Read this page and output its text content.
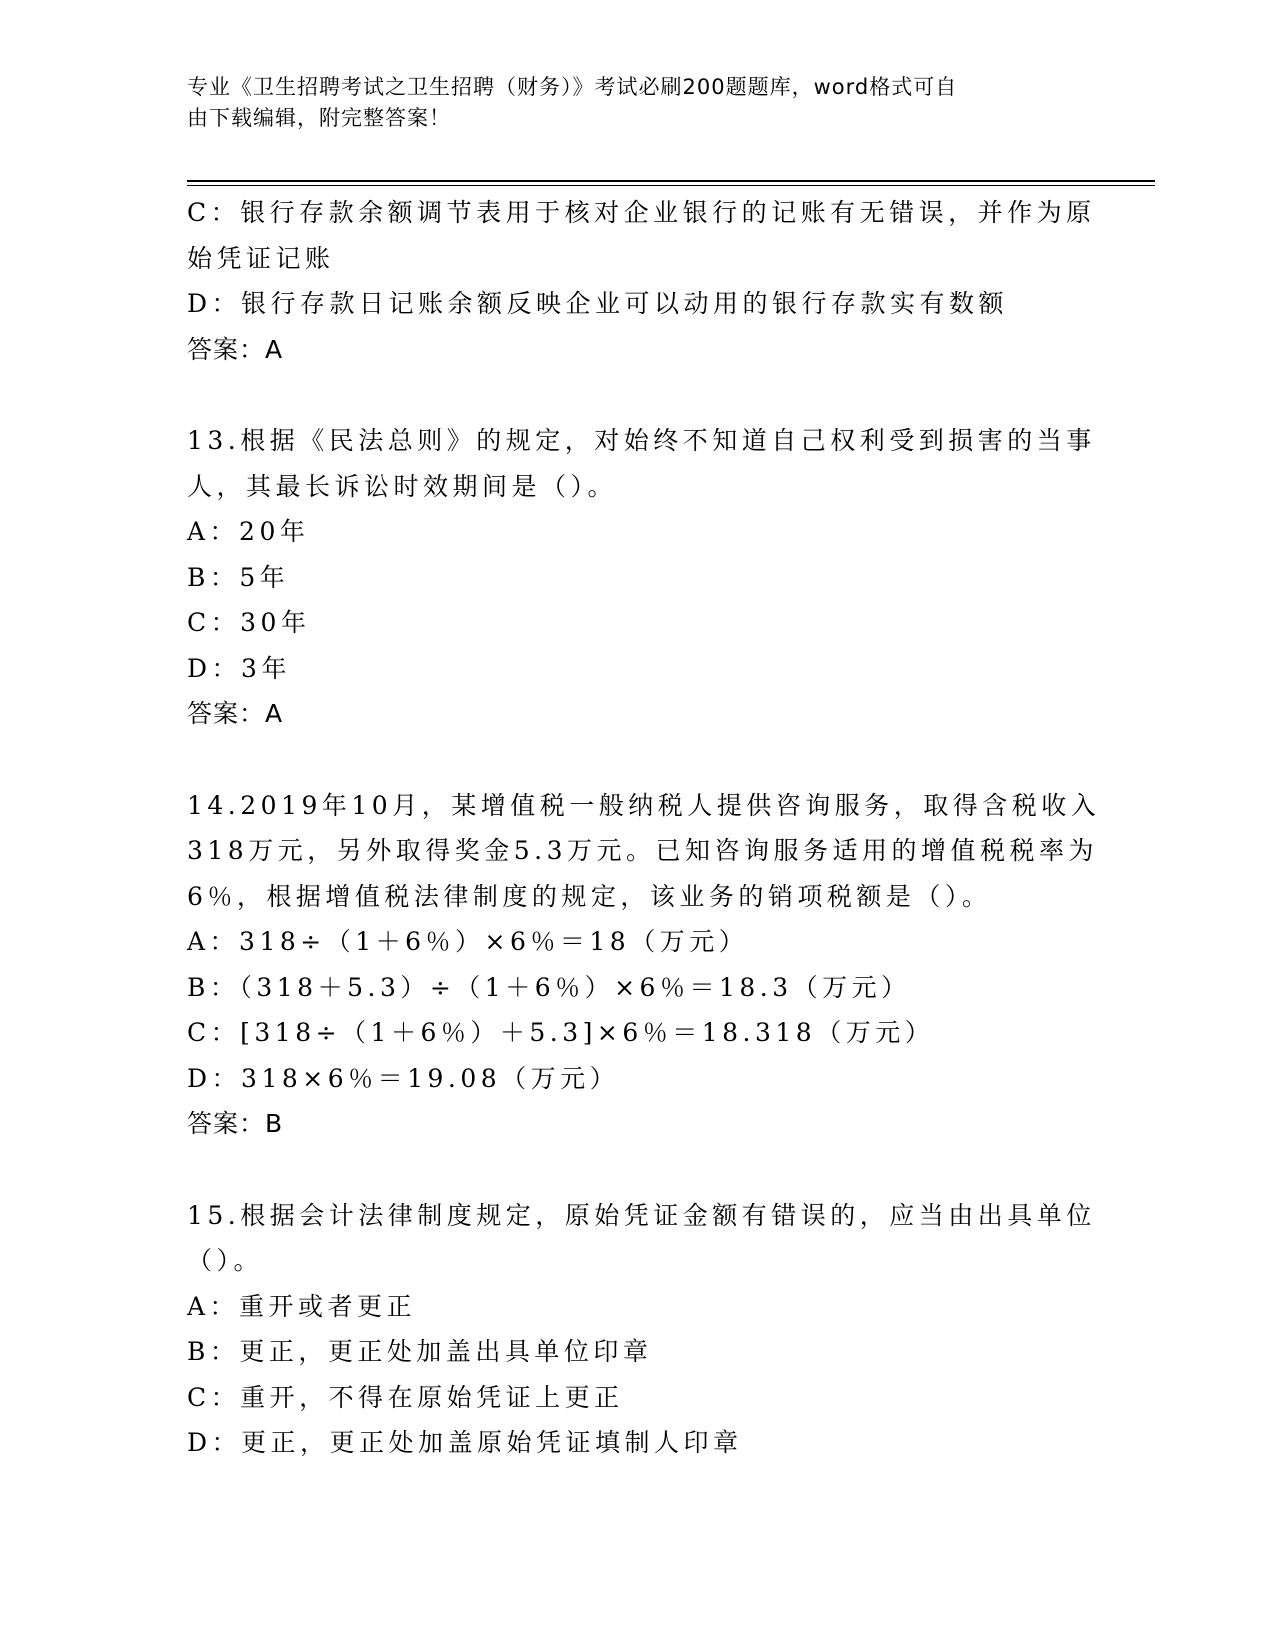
专业《卫生招聘考试之卫生招聘（财务）》考试必刷200题题库，word格式可自
由下载编辑，附完整答案！
C：银行存款余额调节表用于核对企业银行的记账有无错误，并作为原
始凭证记账
D：银行存款日记账余额反映企业可以动用的银行存款实有数额
答案：A
13.根据《民法总则》的规定，对始终不知道自己权利受到损害的当事
人，其最长诉讼时效期间是（）。
A：20年
B：5年
C：30年
D：3年
答案：A
14.2019年10月，某增值税一般纳税人提供咨询服务，取得含税收入
318万元，另外取得奖金5.3万元。已知咨询服务适用的增值税税率为
6％，根据增值税法律制度的规定，该业务的销项税额是（）。
A：318÷（1＋6％）×6％＝18（万元）
B：（318＋5.3）÷（1＋6％）×6％＝18.3（万元）
C：[318÷（1＋6％）＋5.3]×6％＝18.318（万元）
D：318×6％＝19.08（万元）
答案：B
15.根据会计法律制度规定，原始凭证金额有错误的，应当由出具单位
（）。
A：重开或者更正
B：更正，更正处加盖出具单位印章
C：重开，不得在原始凭证上更正
D：更正，更正处加盖原始凭证填制人印章
